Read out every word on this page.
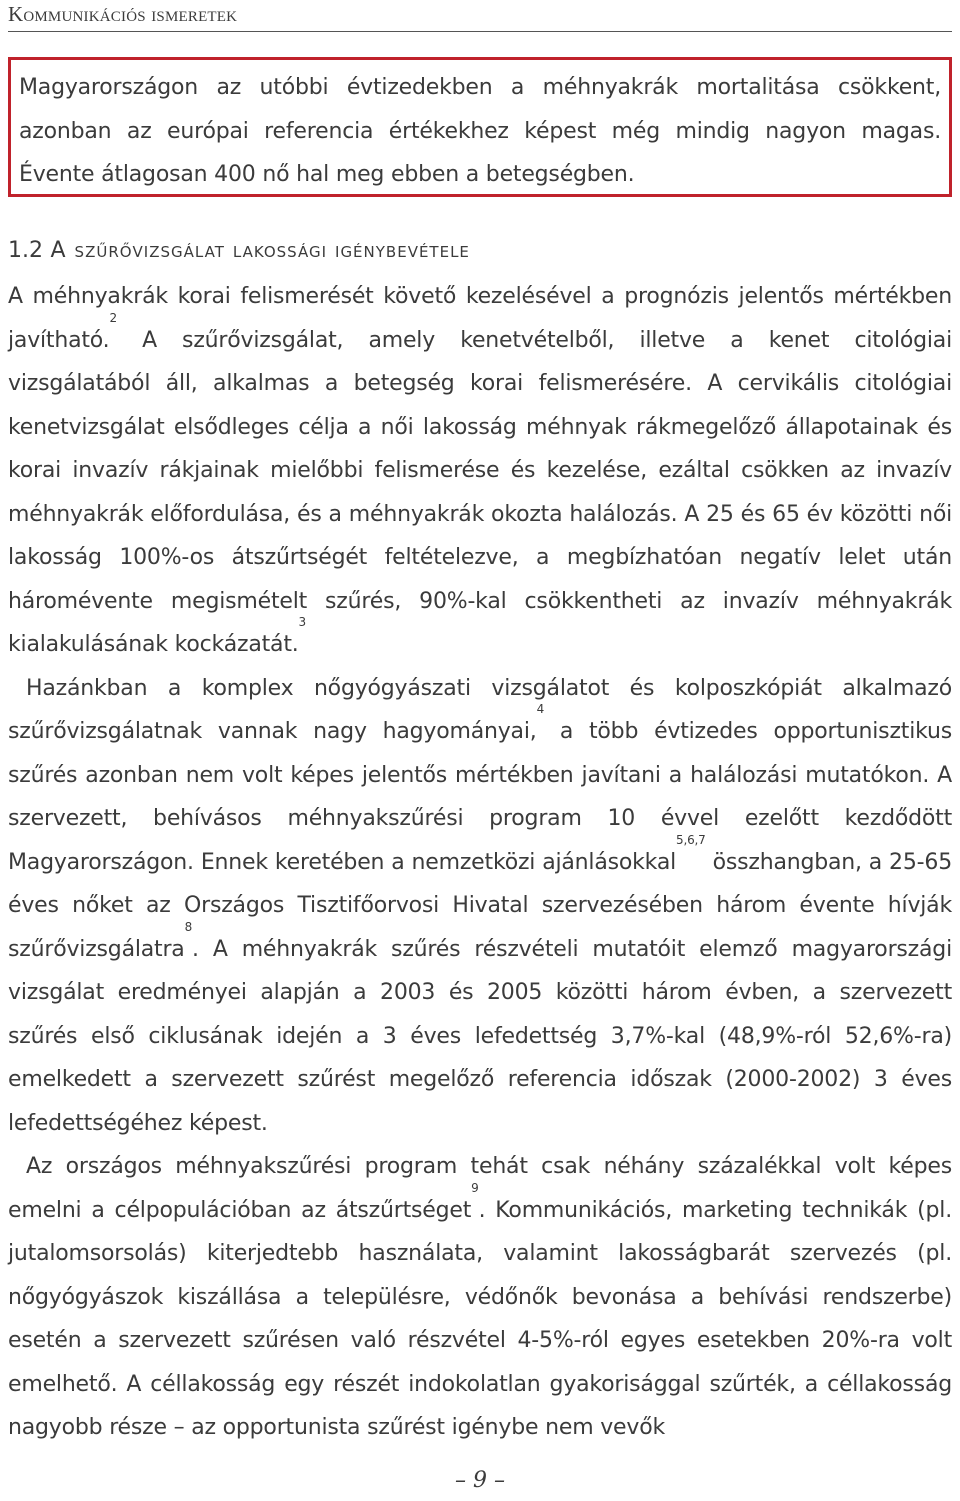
Kommunikációs ismeretek

Magyarországon az utóbbi évtizedekben a méhnyakrák mortalitása csökkent, azonban az európai referencia értékekhez képest még mindig nagyon magas. Évente átlagosan 400 nő hal meg ebben a betegségben.

1.2 A szűrővizsgálat lakossági igénybevétele

A méhnyakrák korai felismerését követő kezelésével a prognózis jelentős mértékben javítható.$^2$ A szűrővizsgálat, amely kenetvételből, illetve a kenet citológiai vizsgálatából áll, alkalmas a betegség korai felismerésére. A cervikális citológiai kenetvizsgálat elsődleges célja a női lakosság méhnyak rákmegelőző állapotainak és korai invazív rákjainak mielőbbi felismerése és kezelése, ezáltal csökken az invazív méhnyakrák előfordulása, és a méhnyakrák okozta halálozás. A 25 és 65 év közötti női lakosság 100%-os átszűrtségét feltételezve, a megbízhatóan negatív lelet után háromévente megismételt szűrés, 90%-kal csökkentheti az invazív méhnyakrák kialakulásának kockázatát.$^3$

Hazánkban a komplex nőgyógyászati vizsgálatot és kolposzkópiát alkalmazó szűrővizsgálatnak vannak nagy hagyományai,$^4$ a több évtizedes opportunisztikus szűrés azonban nem volt képes jelentős mértékben javítani a halálozási mutatókon. A szervezett, behívásos méhnyakszűrési program 10 évvel ezelőtt kezdődött Magyarországon. Ennek keretében a nemzetközi ajánlásokkal$^{5,6,7}$ összhangban, a 25-65 éves nőket az Országos Tisztifőorvosi Hivatal szervezésében három évente hívják szűrővizsgálatra$^8$. A méhnyakrák szűrés részvételi mutatóit elemző magyarországi vizsgálat eredményei alapján a 2003 és 2005 közötti három évben, a szervezett szűrés első ciklusának idején a 3 éves lefedettség 3,7%-kal (48,9%-ról 52,6%-ra) emelkedett a szervezett szűrést megelőző referencia időszak (2000-2002) 3 éves lefedettségéhez képest.

Az országos méhnyakszűrési program tehát csak néhány százalékkal volt képes emelni a célpopulációban az átszűrtséget$^9$. Kommunikációs, marketing technikák (pl. jutalomsorsolás) kiterjedtebb használata, valamint lakosságbarát szervezés (pl. nőgyógyászok kiszállása a településre, védőnők bevonása a behívási rendszerbe) esetén a szervezett szűrésen való részvétel 4-5%-ról egyes esetekben 20%-ra volt emelhető. A céllakosság egy részét indokolatlan gyakorisággal szűrték, a céllakosság nagyobb része – az opportunista szűrést igénybe nem vevők

– 9 –
